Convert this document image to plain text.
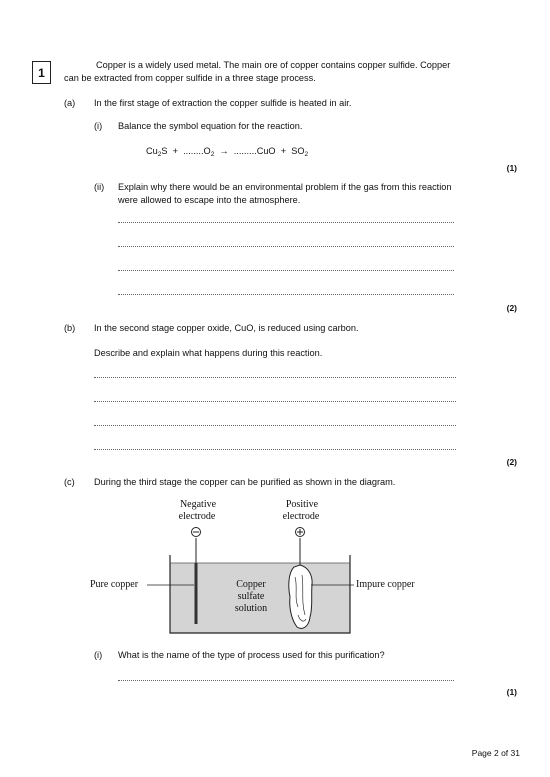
1
Copper is a widely used metal. The main ore of copper contains copper sulfide. Copper
can be extracted from copper sulfide in a three stage process.
(a) In the first stage of extraction the copper sulfide is heated in air.
(i) Balance the symbol equation for the reaction.
$Cu_2S + ........O_2 \to .........CuO + SO_2$
(1)
(ii) Explain why there would be an environmental problem if the gas from this reaction
were allowed to escape into the atmosphere.
(2)
(b) In the second stage copper oxide, CuO, is reduced using carbon.
Describe and explain what happens during this reaction.
(2)
(c) During the third stage the copper can be purified as shown in the diagram.
Negative
electrode
Positive
electrode
Pure copper	Impure copper
Copper
sulfate
solution
(i) What is the name of the type of process used for this purification?
(1)
Page 2 of 31
